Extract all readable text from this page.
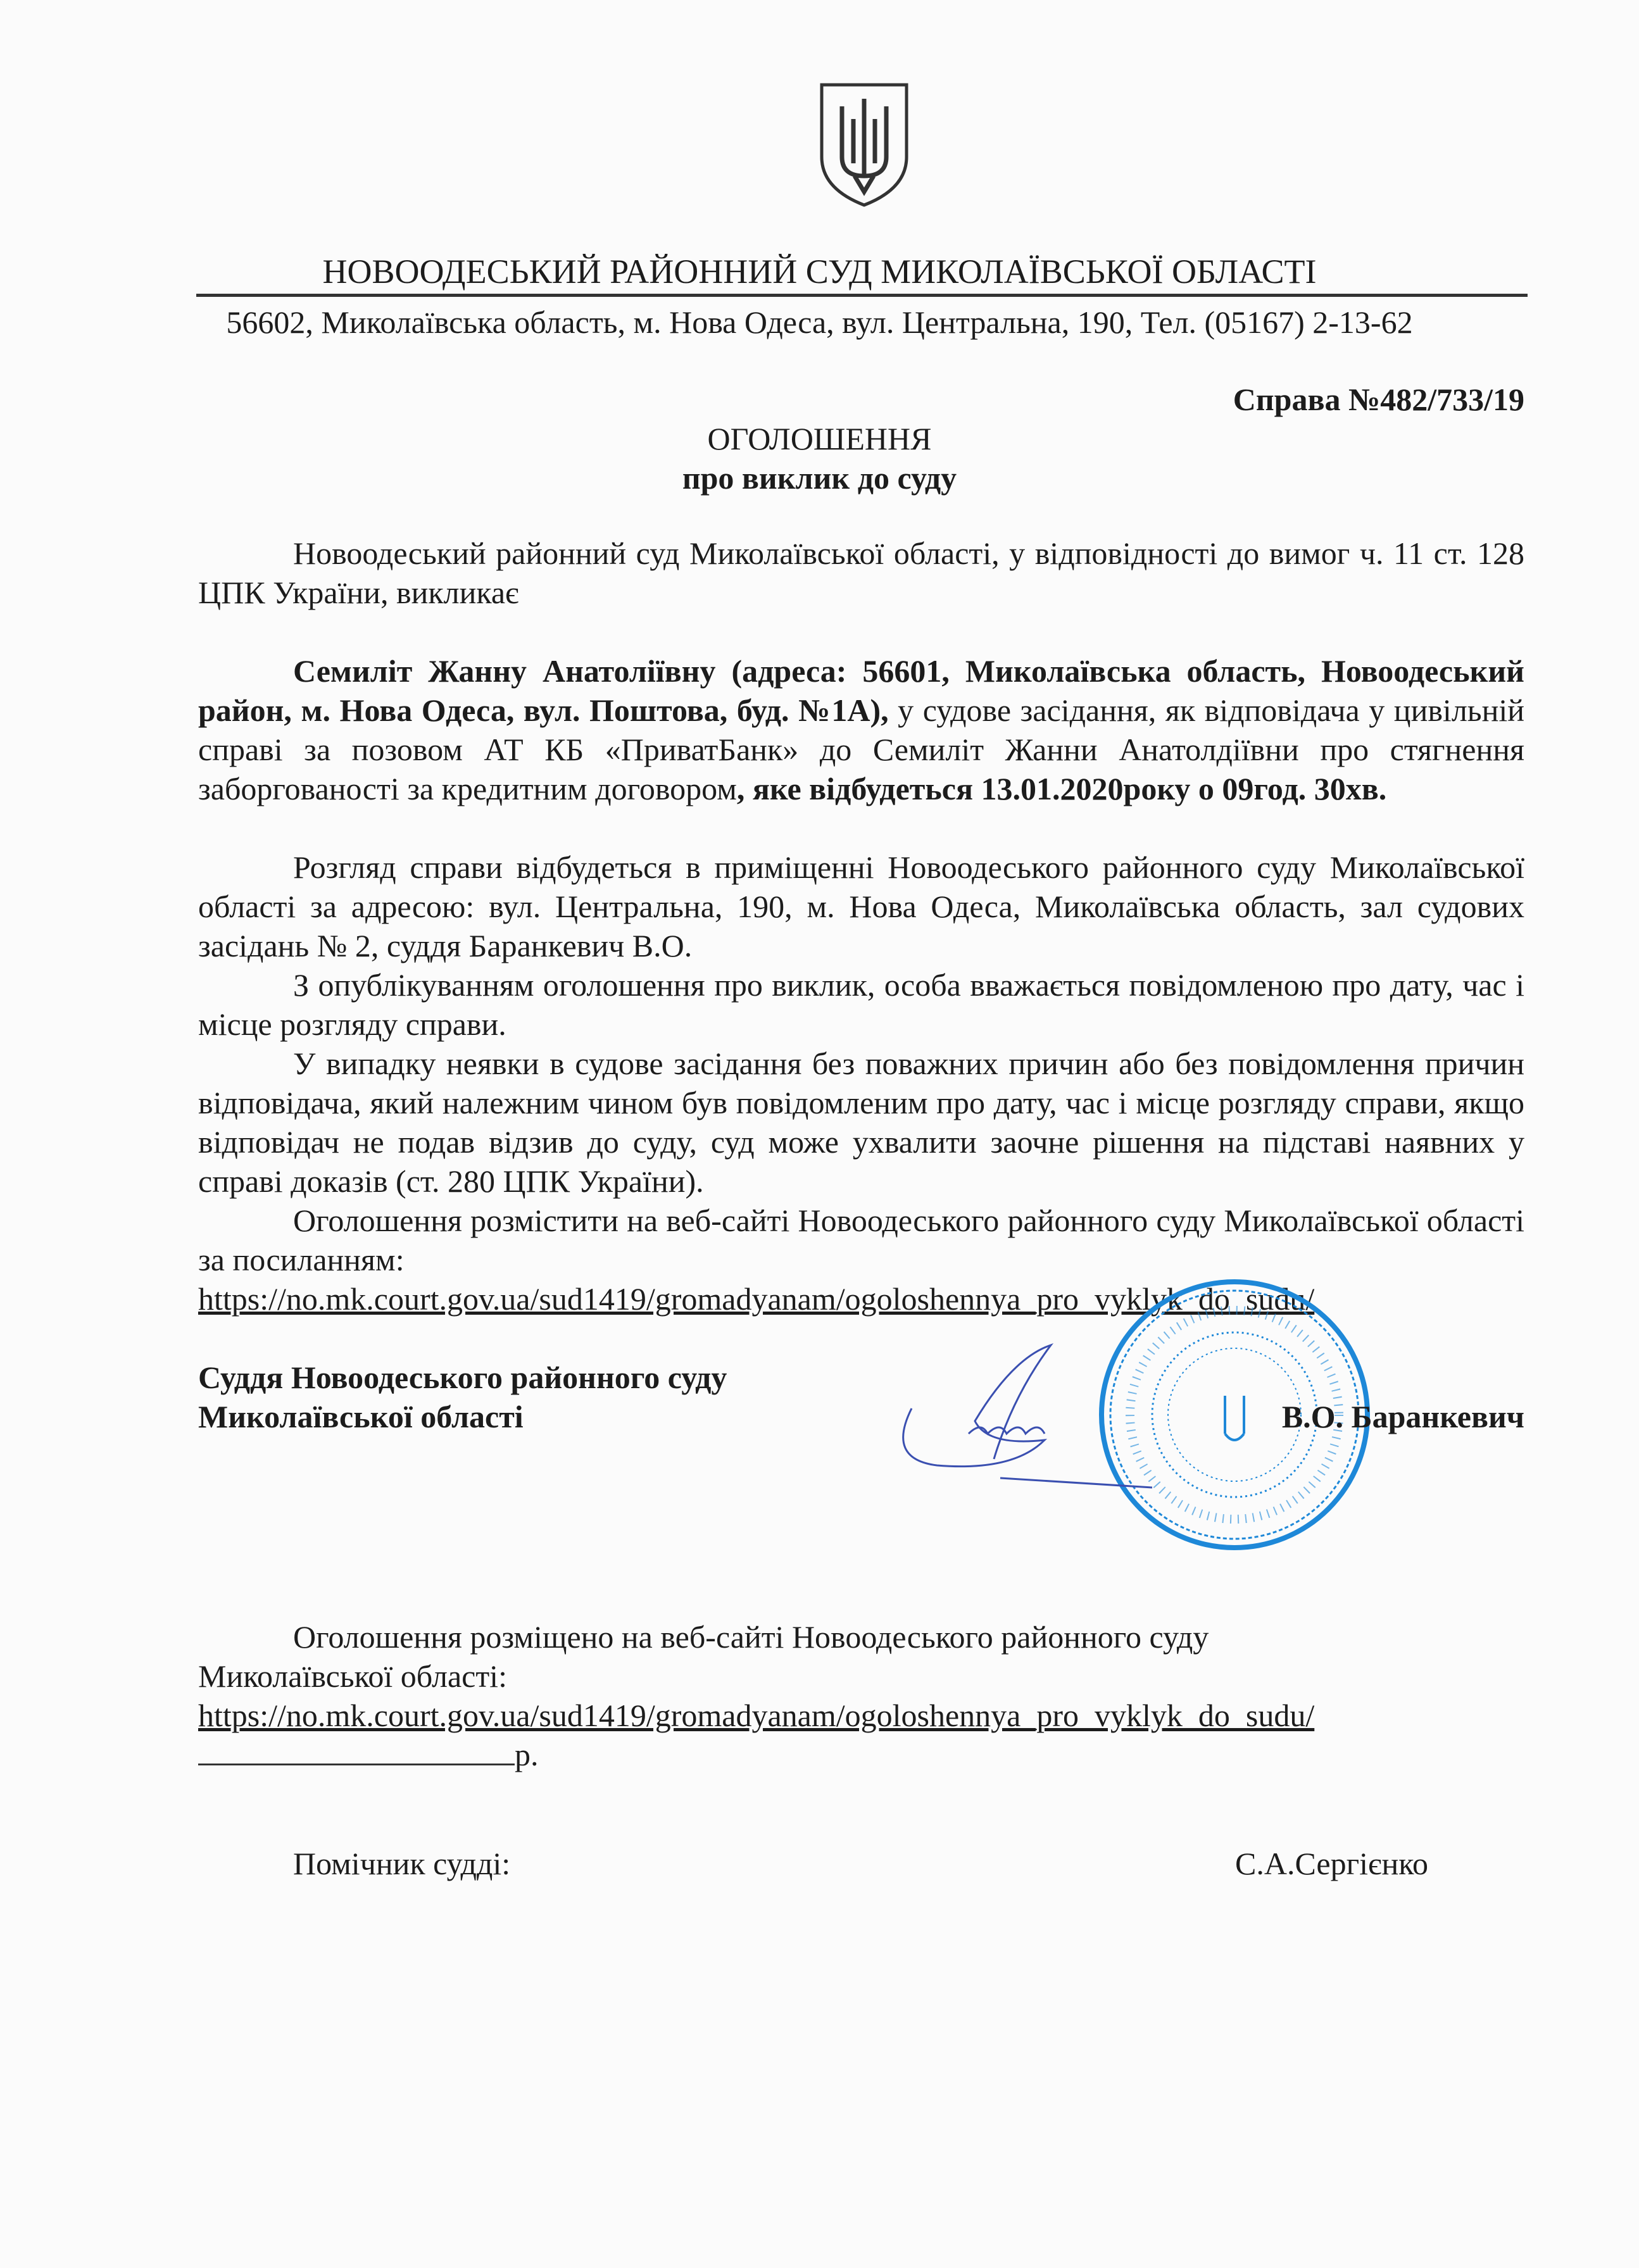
НОВООДЕСЬКИЙ РАЙОННИЙ СУД МИКОЛАЇВСЬКОЇ ОБЛАСТІ
56602, Миколаївська область, м. Нова Одеса, вул. Центральна, 190, Тел. (05167) 2-13-62
Справа №482/733/19
ОГОЛОШЕННЯ
про виклик до суду

Новоодеський районний суд Миколаївської області, у відповідності до вимог ч. 11 ст. 128 ЦПК України, викликає

Семиліт Жанну Анатоліївну (адреса: 56601, Миколаївська область, Новоодеський район, м. Нова Одеса, вул. Поштова, буд. №1А), у судове засідання, як відповідача у цивільній справі за позовом АТ КБ «ПриватБанк» до Семиліт Жанни Анатолдіївни про стягнення заборгованості за кредитним договором, яке відбудеться 13.01.2020року о 09год. 30хв.

Розгляд справи відбудеться в приміщенні Новоодеського районного суду Миколаївської області за адресою: вул. Центральна, 190, м. Нова Одеса, Миколаївська область, зал судових засідань № 2, суддя Баранкевич В.О.

З опублікуванням оголошення про виклик, особа вважається повідомленою про дату, час і місце розгляду справи.

У випадку неявки в судове засідання без поважних причин або без повідомлення причин відповідача, який належним чином був повідомленим про дату, час і місце розгляду справи, якщо відповідач не подав відзив до суду, суд може ухвалити заочне рішення на підставі наявних у справі доказів (ст. 280 ЦПК України).

Оголошення розмістити на веб-сайті Новоодеського районного суду Миколаївської області за посиланням:

https://no.mk.court.gov.ua/sud1419/gromadyanam/ogoloshennya_pro_vyklyk_do_sudu/
Суддя Новоодеського районного суду
Миколаївської області	В.О. Баранкевич

Оголошення розміщено на веб-сайті Новоодеського районного суду

Миколаївської області:

https://no.mk.court.gov.ua/sud1419/gromadyanam/ogoloshennya_pro_vyklyk_do_sudu/

р.

Помічник судді:	С.А.Сергієнко
